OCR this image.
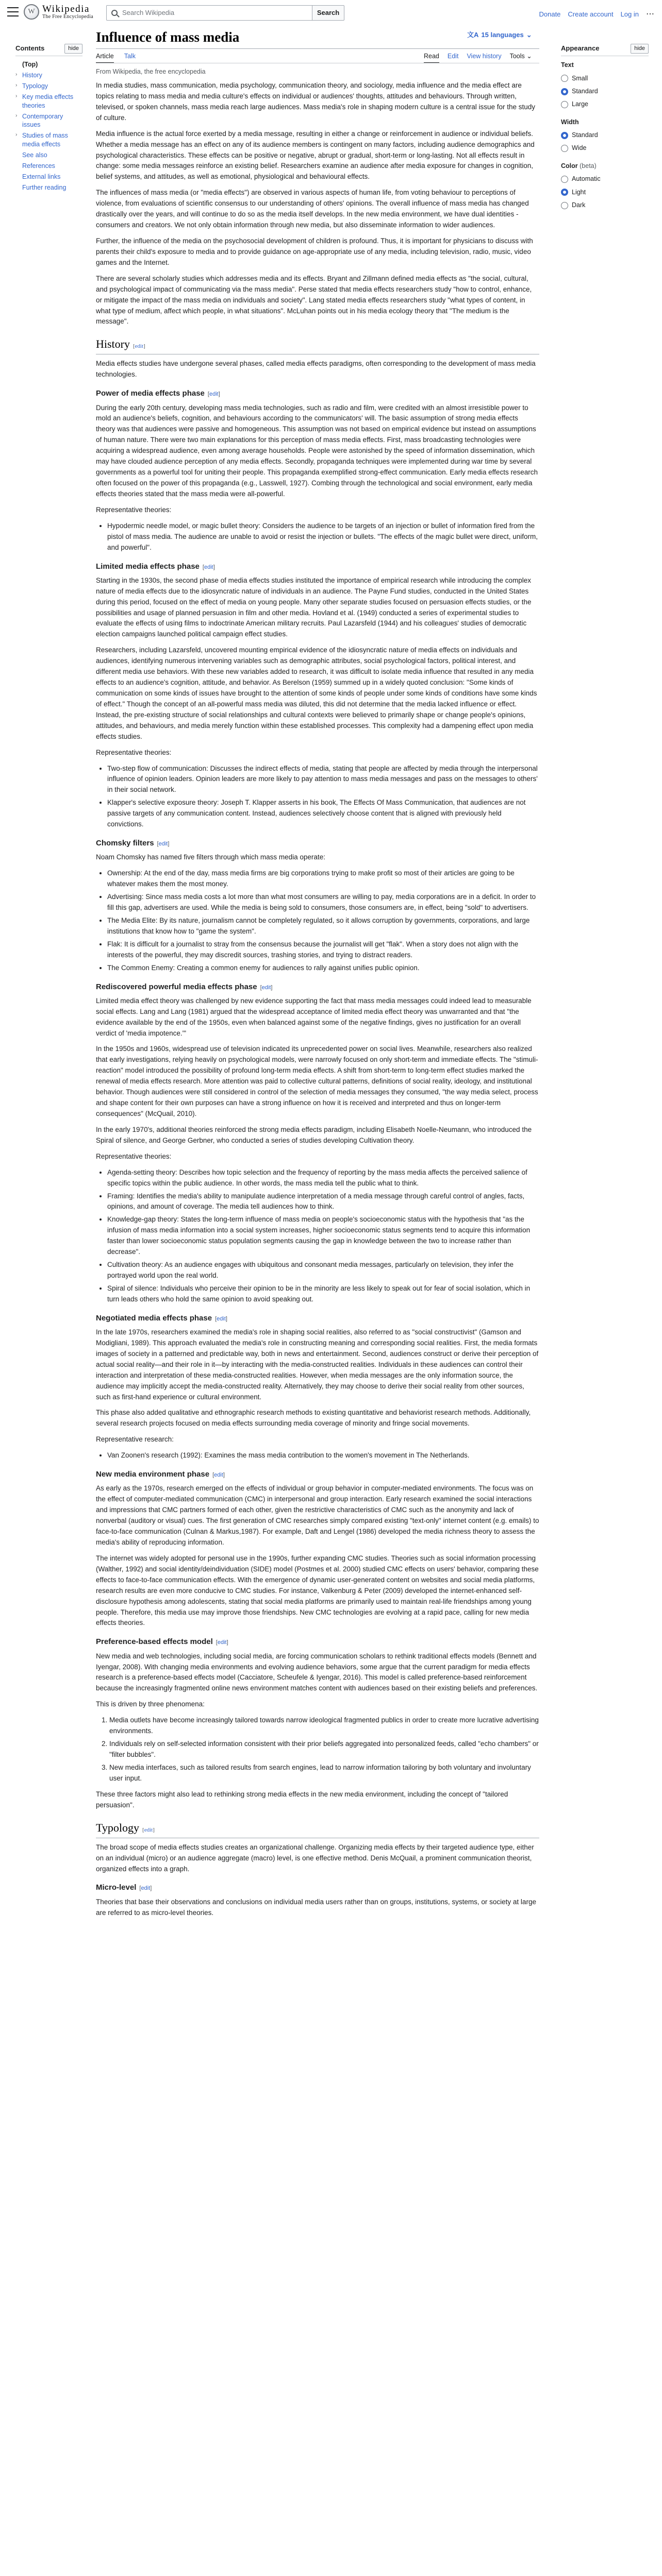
W Wikipedia
The Free Encyclopedia
Search Wikipedia	Search	Donate Create account Log in ⋯
Contents	hide
(Top)
› History
› Typology
› Key media effects theories
› Contemporary issues
› Studies of mass media effects
See also
References
External links
Further reading
Influence of mass media	文A 15 languages ⌄
Article Talk	Read Edit View history Tools ⌄
From Wikipedia, the free encyclopedia

In media studies, mass communication, media psychology, communication theory, and sociology, media influence and the media effect are topics relating to mass media and media culture's effects on individual or audiences' thoughts, attitudes and behaviours. Through written, televised, or spoken channels, mass media reach large audiences. Mass media's role in shaping modern culture is a central issue for the study of culture.

Media influence is the actual force exerted by a media message, resulting in either a change or reinforcement in audience or individual beliefs. Whether a media message has an effect on any of its audience members is contingent on many factors, including audience demographics and psychological characteristics. These effects can be positive or negative, abrupt or gradual, short-term or long-lasting. Not all effects result in change: some media messages reinforce an existing belief. Researchers examine an audience after media exposure for changes in cognition, belief systems, and attitudes, as well as emotional, physiological and behavioural effects.

The influences of mass media (or "media effects") are observed in various aspects of human life, from voting behaviour to perceptions of violence, from evaluations of scientific consensus to our understanding of others' opinions. The overall influence of mass media has changed drastically over the years, and will continue to do so as the media itself develops. In the new media environment, we have dual identities - consumers and creators. We not only obtain information through new media, but also disseminate information to wider audiences.

Further, the influence of the media on the psychosocial development of children is profound. Thus, it is important for physicians to discuss with parents their child's exposure to media and to provide guidance on age-appropriate use of any media, including television, radio, music, video games and the Internet.

There are several scholarly studies which addresses media and its effects. Bryant and Zillmann defined media effects as "the social, cultural, and psychological impact of communicating via the mass media". Perse stated that media effects researchers study "how to control, enhance, or mitigate the impact of the mass media on individuals and society". Lang stated media effects researchers study "what types of content, in what type of medium, affect which people, in what situations". McLuhan points out in his media ecology theory that "The medium is the message".

History [edit]

Media effects studies have undergone several phases, called media effects paradigms, often corresponding to the development of mass media technologies.

Power of media effects phase [edit]

During the early 20th century, developing mass media technologies, such as radio and film, were credited with an almost irresistible power to mold an audience's beliefs, cognition, and behaviours according to the communicators' will. The basic assumption of strong media effects theory was that audiences were passive and homogeneous. This assumption was not based on empirical evidence but instead on assumptions of human nature. There were two main explanations for this perception of mass media effects. First, mass broadcasting technologies were acquiring a widespread audience, even among average households. People were astonished by the speed of information dissemination, which may have clouded audience perception of any media effects. Secondly, propaganda techniques were implemented during war time by several governments as a powerful tool for uniting their people. This propaganda exemplified strong-effect communication. Early media effects research often focused on the power of this propaganda (e.g., Lasswell, 1927). Combing through the technological and social environment, early media effects theories stated that the mass media were all-powerful.

Representative theories:

• Hypodermic needle model, or magic bullet theory: Considers the audience to be targets of an injection or bullet of information fired from the pistol of mass media. The audience are unable to avoid or resist the injection or bullets. "The effects of the magic bullet were direct, uniform, and powerful".
Limited media effects phase [edit]

Starting in the 1930s, the second phase of media effects studies instituted the importance of empirical research while introducing the complex nature of media effects due to the idiosyncratic nature of individuals in an audience. The Payne Fund studies, conducted in the United States during this period, focused on the effect of media on young people. Many other separate studies focused on persuasion effects studies, or the possibilities and usage of planned persuasion in film and other media. Hovland et al. (1949) conducted a series of experimental studies to evaluate the effects of using films to indoctrinate American military recruits. Paul Lazarsfeld (1944) and his colleagues' studies of democratic election campaigns launched political campaign effect studies.

Researchers, including Lazarsfeld, uncovered mounting empirical evidence of the idiosyncratic nature of media effects on individuals and audiences, identifying numerous intervening variables such as demographic attributes, social psychological factors, political interest, and different media use behaviors. With these new variables added to research, it was difficult to isolate media influence that resulted in any media effects to an audience's cognition, attitude, and behavior. As Berelson (1959) summed up in a widely quoted conclusion: "Some kinds of communication on some kinds of issues have brought to the attention of some kinds of people under some kinds of conditions have some kinds of effect." Though the concept of an all-powerful mass media was diluted, this did not determine that the media lacked influence or effect. Instead, the pre-existing structure of social relationships and cultural contexts were believed to primarily shape or change people's opinions, attitudes, and behaviours, and media merely function within these established processes. This complexity had a dampening effect upon media effects studies.

Representative theories:

• Two-step flow of communication: Discusses the indirect effects of media, stating that people are affected by media through the interpersonal influence of opinion leaders. Opinion leaders are more likely to pay attention to mass media messages and pass on the messages to others' in their social network.
• Klapper's selective exposure theory: Joseph T. Klapper asserts in his book, The Effects Of Mass Communication, that audiences are not passive targets of any communication content. Instead, audiences selectively choose content that is aligned with previously held convictions.
Chomsky filters [edit]

Noam Chomsky has named five filters through which mass media operate:

• Ownership: At the end of the day, mass media firms are big corporations trying to make profit so most of their articles are going to be whatever makes them the most money.
• Advertising: Since mass media costs a lot more than what most consumers are willing to pay, media corporations are in a deficit. In order to fill this gap, advertisers are used. While the media is being sold to consumers, those consumers are, in effect, being "sold" to advertisers.
• The Media Elite: By its nature, journalism cannot be completely regulated, so it allows corruption by governments, corporations, and large institutions that know how to "game the system".
• Flak: It is difficult for a journalist to stray from the consensus because the journalist will get "flak". When a story does not align with the interests of the powerful, they may discredit sources, trashing stories, and trying to distract readers.
• The Common Enemy: Creating a common enemy for audiences to rally against unifies public opinion.
Rediscovered powerful media effects phase [edit]

Limited media effect theory was challenged by new evidence supporting the fact that mass media messages could indeed lead to measurable social effects. Lang and Lang (1981) argued that the widespread acceptance of limited media effect theory was unwarranted and that "the evidence available by the end of the 1950s, even when balanced against some of the negative findings, gives no justification for an overall verdict of 'media impotence.'"

In the 1950s and 1960s, widespread use of television indicated its unprecedented power on social lives. Meanwhile, researchers also realized that early investigations, relying heavily on psychological models, were narrowly focused on only short-term and immediate effects. The "stimuli-reaction" model introduced the possibility of profound long-term media effects. A shift from short-term to long-term effect studies marked the renewal of media effects research. More attention was paid to collective cultural patterns, definitions of social reality, ideology, and institutional behavior. Though audiences were still considered in control of the selection of media messages they consumed, "the way media select, process and shape content for their own purposes can have a strong influence on how it is received and interpreted and thus on longer-term consequences" (McQuail, 2010).

In the early 1970's, additional theories reinforced the strong media effects paradigm, including Elisabeth Noelle-Neumann, who introduced the Spiral of silence, and George Gerbner, who conducted a series of studies developing Cultivation theory.

Representative theories:

• Agenda-setting theory: Describes how topic selection and the frequency of reporting by the mass media affects the perceived salience of specific topics within the public audience. In other words, the mass media tell the public what to think.
• Framing: Identifies the media's ability to manipulate audience interpretation of a media message through careful control of angles, facts, opinions, and amount of coverage. The media tell audiences how to think.
• Knowledge-gap theory: States the long-term influence of mass media on people's socioeconomic status with the hypothesis that "as the infusion of mass media information into a social system increases, higher socioeconomic status segments tend to acquire this information faster than lower socioeconomic status population segments causing the gap in knowledge between the two to increase rather than decrease".
• Cultivation theory: As an audience engages with ubiquitous and consonant media messages, particularly on television, they infer the portrayed world upon the real world.
• Spiral of silence: Individuals who perceive their opinion to be in the minority are less likely to speak out for fear of social isolation, which in turn leads others who hold the same opinion to avoid speaking out.
Negotiated media effects phase [edit]

In the late 1970s, researchers examined the media's role in shaping social realities, also referred to as "social constructivist" (Gamson and Modigliani, 1989). This approach evaluated the media's role in constructing meaning and corresponding social realities. First, the media formats images of society in a patterned and predictable way, both in news and entertainment. Second, audiences construct or derive their perception of actual social reality—and their role in it—by interacting with the media-constructed realities. Individuals in these audiences can control their interaction and interpretation of these media-constructed realities. However, when media messages are the only information source, the audience may implicitly accept the media-constructed reality. Alternatively, they may choose to derive their social reality from other sources, such as first-hand experience or cultural environment.

This phase also added qualitative and ethnographic research methods to existing quantitative and behaviorist research methods. Additionally, several research projects focused on media effects surrounding media coverage of minority and fringe social movements.

Representative research:

• Van Zoonen's research (1992): Examines the mass media contribution to the women's movement in The Netherlands.
New media environment phase [edit]

As early as the 1970s, research emerged on the effects of individual or group behavior in computer-mediated environments. The focus was on the effect of computer-mediated communication (CMC) in interpersonal and group interaction. Early research examined the social interactions and impressions that CMC partners formed of each other, given the restrictive characteristics of CMC such as the anonymity and lack of nonverbal (auditory or visual) cues. The first generation of CMC researches simply compared existing "text-only" internet content (e.g. emails) to face-to-face communication (Culnan & Markus,1987). For example, Daft and Lengel (1986) developed the media richness theory to assess the media's ability of reproducing information.

The internet was widely adopted for personal use in the 1990s, further expanding CMC studies. Theories such as social information processing (Walther, 1992) and social identity/deindividuation (SIDE) model (Postmes et al. 2000) studied CMC effects on users' behavior, comparing these effects to face-to-face communication effects. With the emergence of dynamic user-generated content on websites and social media platforms, research results are even more conducive to CMC studies. For instance, Valkenburg & Peter (2009) developed the internet-enhanced self-disclosure hypothesis among adolescents, stating that social media platforms are primarily used to maintain real-life friendships among young people. Therefore, this media use may improve those friendships. New CMC technologies are evolving at a rapid pace, calling for new media effects theories.

Preference-based effects model [edit]

New media and web technologies, including social media, are forcing communication scholars to rethink traditional effects models (Bennett and Iyengar, 2008). With changing media environments and evolving audience behaviors, some argue that the current paradigm for media effects research is a preference-based effects model (Cacciatore, Scheufele & Iyengar, 2016). This model is called preference-based reinforcement because the increasingly fragmented online news environment matches content with audiences based on their existing beliefs and preferences.

This is driven by three phenomena:

1. Media outlets have become increasingly tailored towards narrow ideological fragmented publics in order to create more lucrative advertising environments.
2. Individuals rely on self-selected information consistent with their prior beliefs aggregated into personalized feeds, called "echo chambers" or "filter bubbles".
3. New media interfaces, such as tailored results from search engines, lead to narrow information tailoring by both voluntary and involuntary user input.

These three factors might also lead to rethinking strong media effects in the new media environment, including the concept of "tailored persuasion".

Typology [edit]

The broad scope of media effects studies creates an organizational challenge. Organizing media effects by their targeted audience type, either on an individual (micro) or an audience aggregate (macro) level, is one effective method. Denis McQuail, a prominent communication theorist, organized effects into a graph.

Micro-level [edit]

Theories that base their observations and conclusions on individual media users rather than on groups, institutions, systems, or society at large are referred to as micro-level theories.

Appearance	hide
Text
Small
Standard
Large
Width
Standard
Wide
Color (beta)
Automatic
Light
Dark
